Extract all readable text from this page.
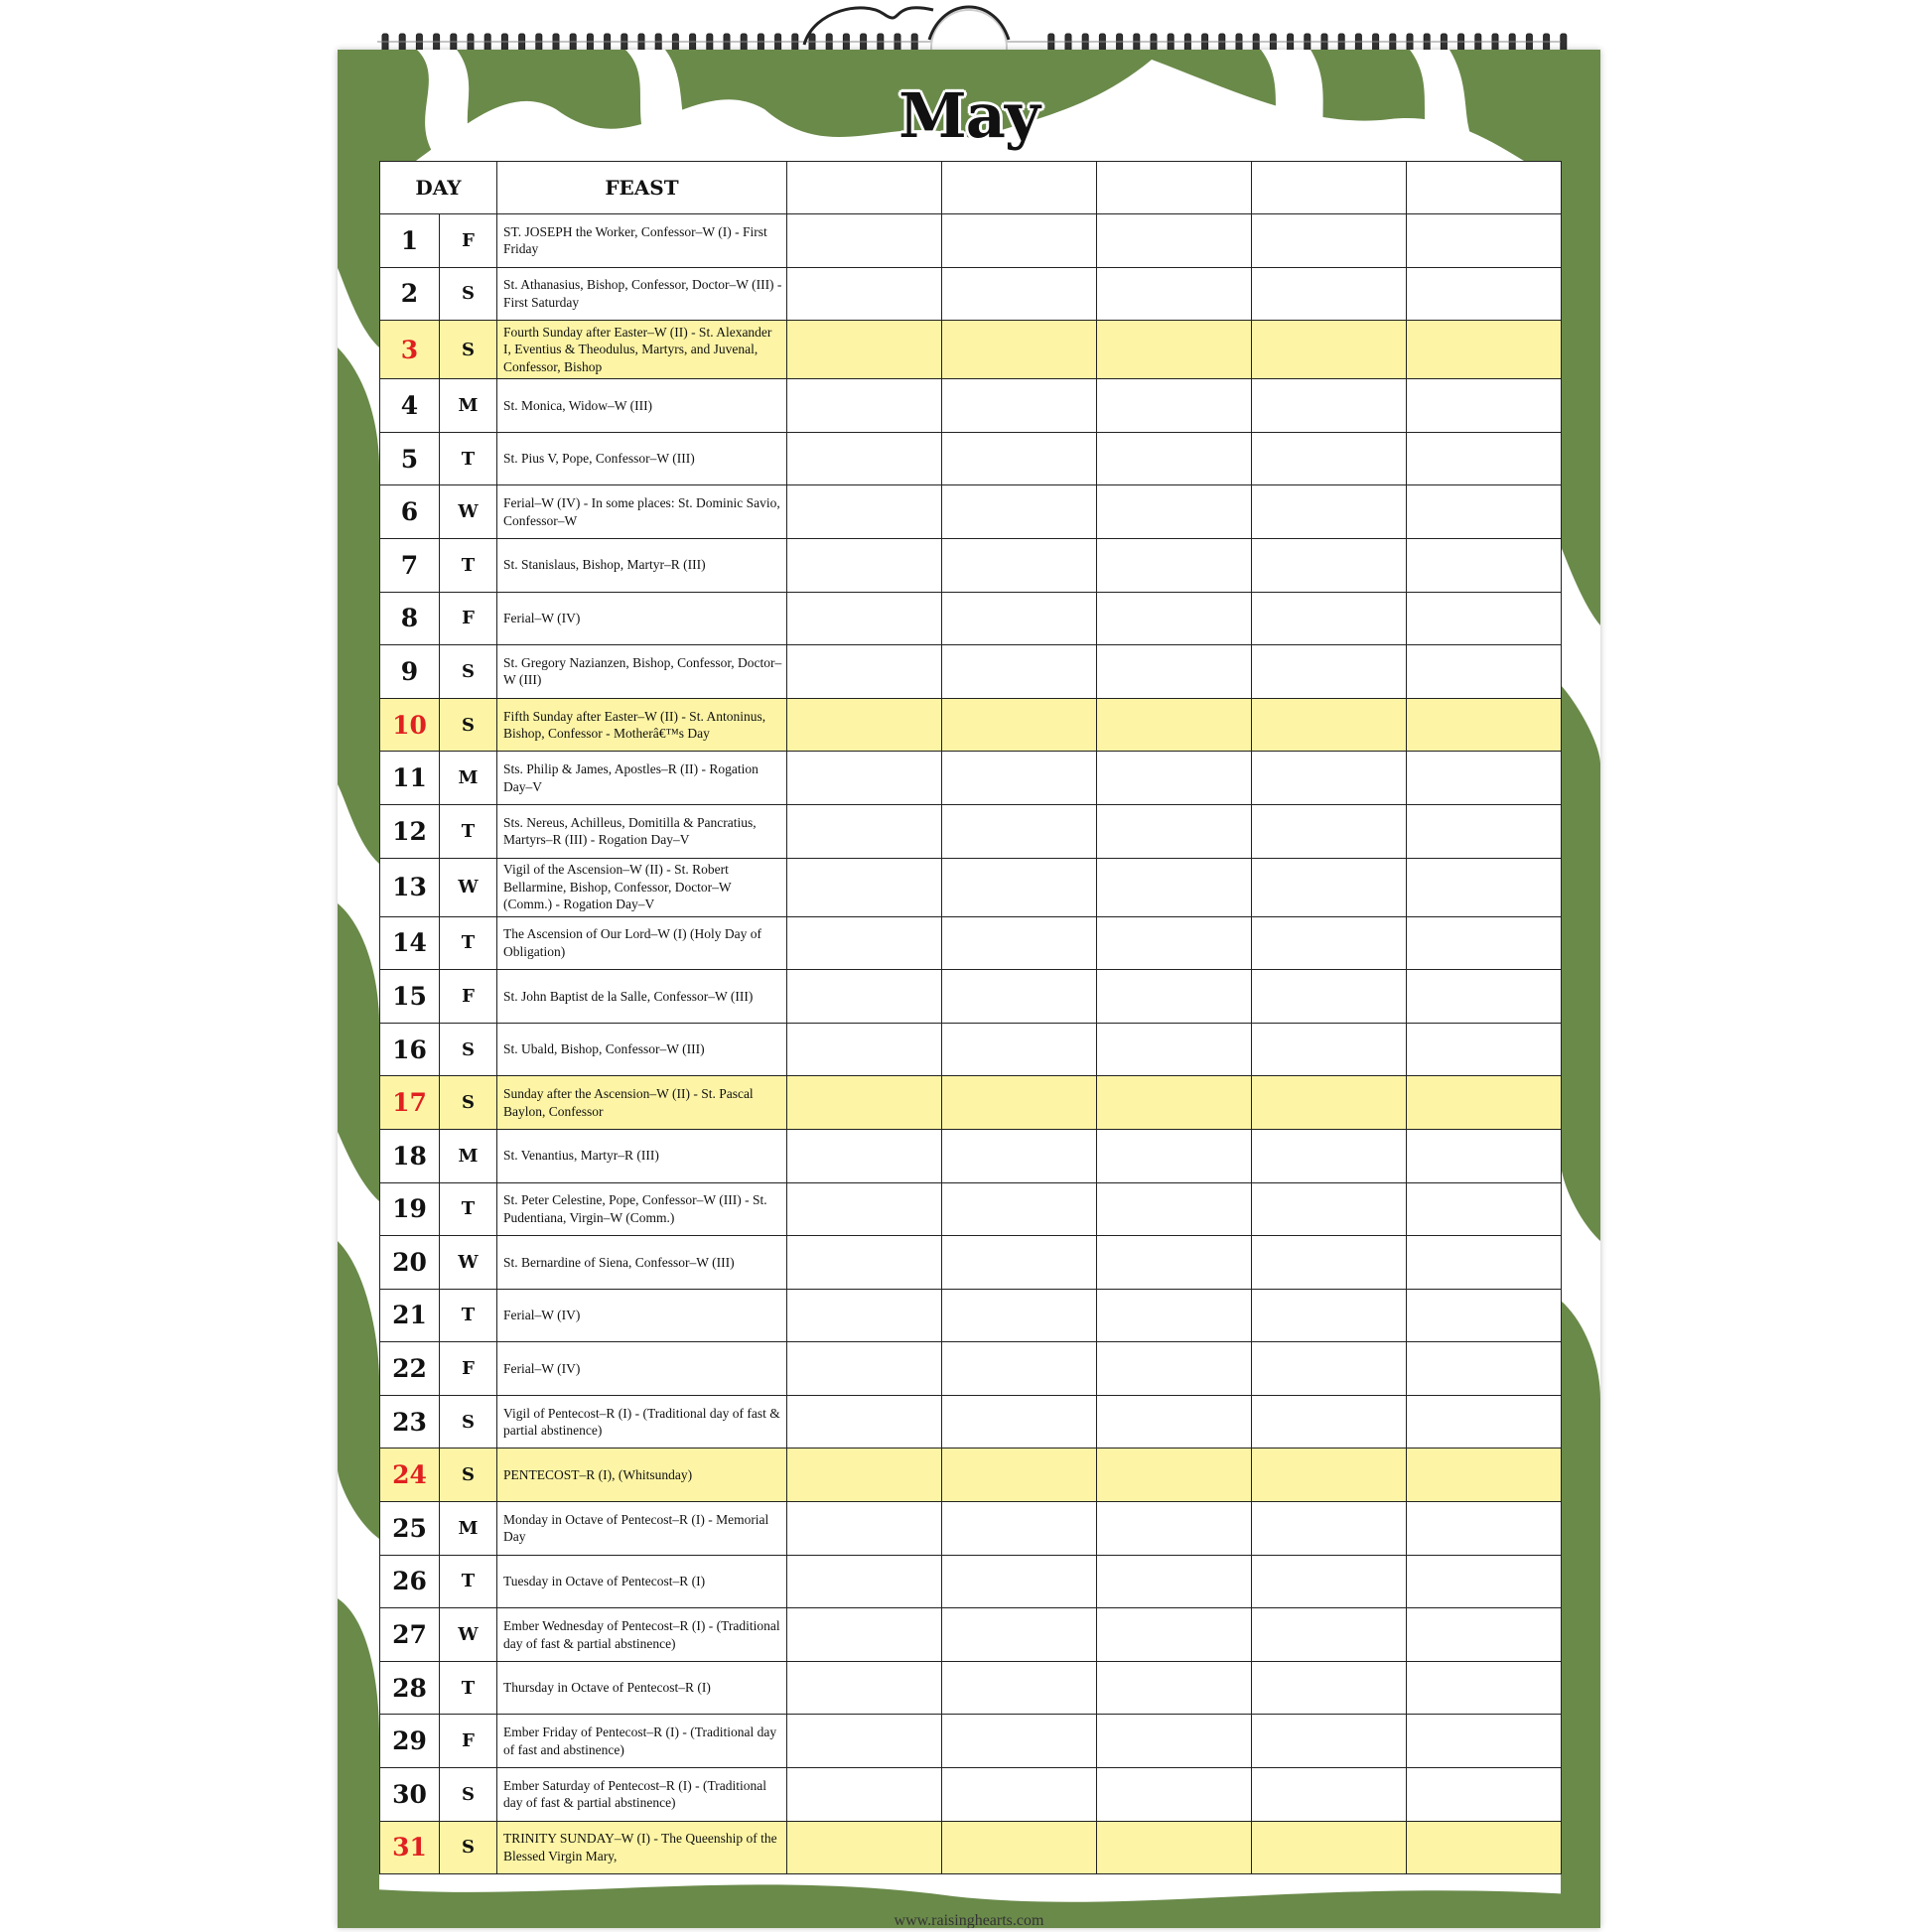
May
DAY		FEAST					
1	F	ST. JOSEPH the Worker, Confessor–W (I) - First Friday					
2	S	St. Athanasius, Bishop, Confessor, Doctor–W (III) - First Saturday					
3	S	Fourth Sunday after Easter–W (II) - St. Alexander I, Eventius & Theodulus, Martyrs, and Juvenal, Confessor, Bishop					
4	M	St. Monica, Widow–W (III)					
5	T	St. Pius V, Pope, Confessor–W (III)					
6	W	Ferial–W (IV) - In some places: St. Dominic Savio, Confessor–W					
7	T	St. Stanislaus, Bishop, Martyr–R (III)					
8	F	Ferial–W (IV)					
9	S	St. Gregory Nazianzen, Bishop, Confessor, Doctor–W (III)					
10	S	Fifth Sunday after Easter–W (II) - St. Antoninus, Bishop, Confessor - Motherâ€™s Day					
11	M	Sts. Philip & James, Apostles–R (II) - Rogation Day–V					
12	T	Sts. Nereus, Achilleus, Domitilla & Pancratius, Martyrs–R (III) - Rogation Day–V					
13	W	Vigil of the Ascension–W (II) - St. Robert Bellarmine, Bishop, Confessor, Doctor–W (Comm.) - Rogation Day–V					
14	T	The Ascension of Our Lord–W (I) (Holy Day of Obligation)					
15	F	St. John Baptist de la Salle, Confessor–W (III)					
16	S	St. Ubald, Bishop, Confessor–W (III)					
17	S	Sunday after the Ascension–W (II) - St. Pascal Baylon, Confessor					
18	M	St. Venantius, Martyr–R (III)					
19	T	St. Peter Celestine, Pope, Confessor–W (III) - St. Pudentiana, Virgin–W (Comm.)					
20	W	St. Bernardine of Siena, Confessor–W (III)					
21	T	Ferial–W (IV)					
22	F	Ferial–W (IV)					
23	S	Vigil of Pentecost–R (I) - (Traditional day of fast & partial abstinence)					
24	S	PENTECOST–R (I), (Whitsunday)					
25	M	Monday in Octave of Pentecost–R (I) - Memorial Day					
26	T	Tuesday in Octave of Pentecost–R (I)					
27	W	Ember Wednesday of Pentecost–R (I) - (Traditional day of fast & partial abstinence)					
28	T	Thursday in Octave of Pentecost–R (I)					
29	F	Ember Friday of Pentecost–R (I) - (Traditional day of fast and abstinence)					
30	S	Ember Saturday of Pentecost–R (I) - (Traditional day of fast & partial abstinence)					
31	S	TRINITY SUNDAY–W (I) - The Queenship of the Blessed Virgin Mary,					
www.raisinghearts.com
